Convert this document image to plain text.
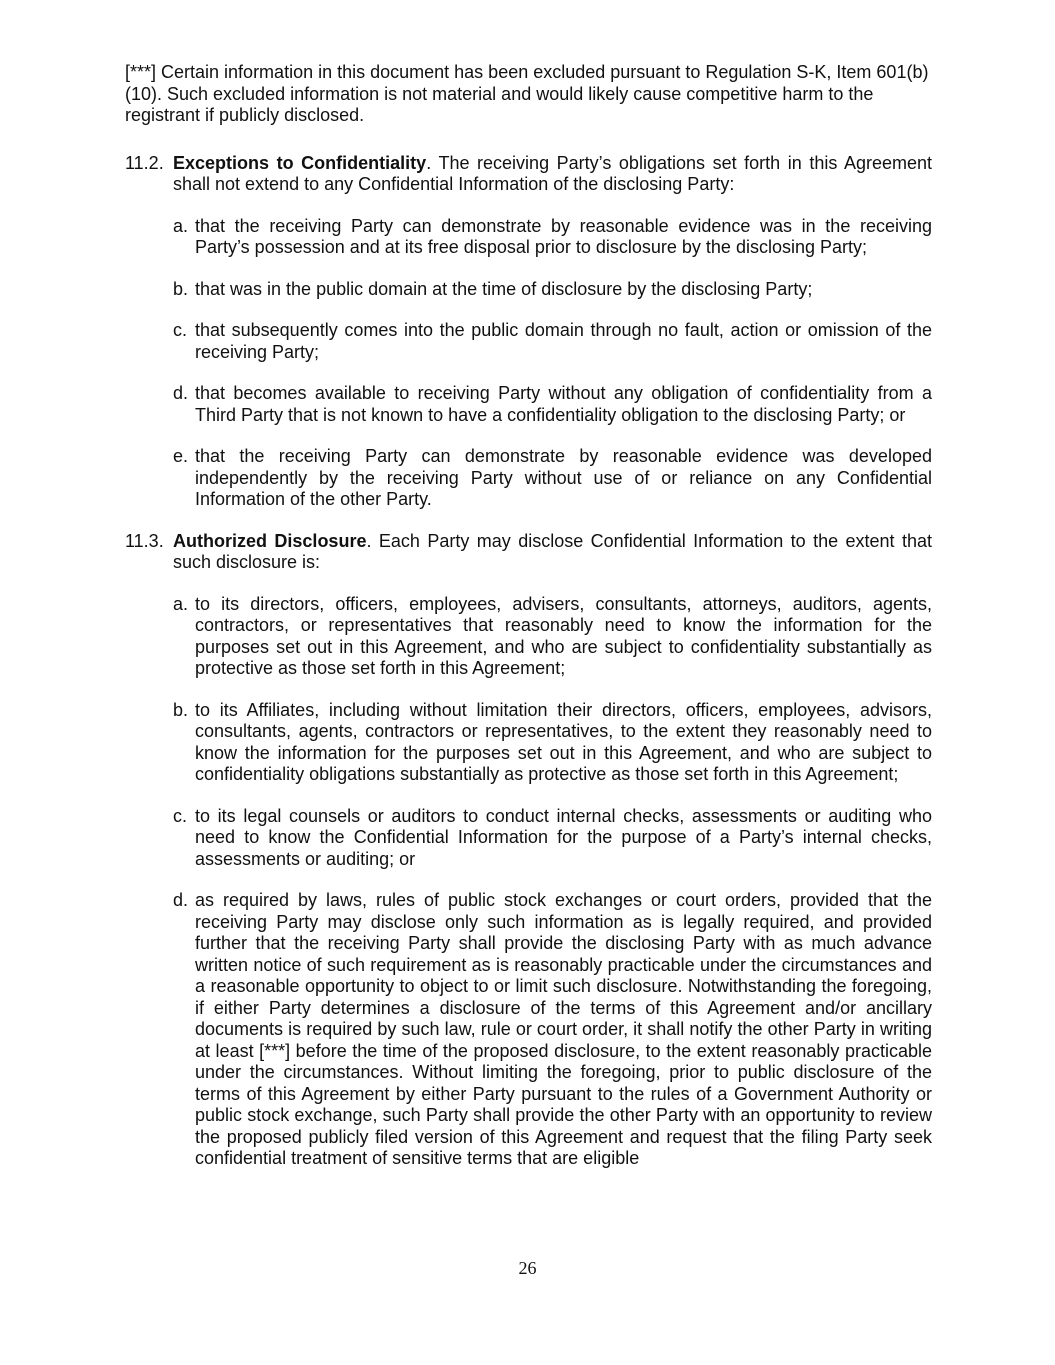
[***] Certain information in this document has been excluded pursuant to Regulation S-K, Item 601(b)(10). Such excluded information is not material and would likely cause competitive harm to the registrant if publicly disclosed.

11.2. Exceptions to Confidentiality. The receiving Party’s obligations set forth in this Agreement shall not extend to any Confidential Information of the disclosing Party:

a. that the receiving Party can demonstrate by reasonable evidence was in the receiving Party’s possession and at its free disposal prior to disclosure by the disclosing Party;
b. that was in the public domain at the time of disclosure by the disclosing Party;
c. that subsequently comes into the public domain through no fault, action or omission of the receiving Party;
d. that becomes available to receiving Party without any obligation of confidentiality from a Third Party that is not known to have a confidentiality obligation to the disclosing Party; or
e. that the receiving Party can demonstrate by reasonable evidence was developed independently by the receiving Party without use of or reliance on any Confidential Information of the other Party.
11.3. Authorized Disclosure. Each Party may disclose Confidential Information to the extent that such disclosure is:

a. to its directors, officers, employees, advisers, consultants, attorneys, auditors, agents, contractors, or representatives that reasonably need to know the information for the purposes set out in this Agreement, and who are subject to confidentiality substantially as protective as those set forth in this Agreement;
b. to its Affiliates, including without limitation their directors, officers, employees, advisors, consultants, agents, contractors or representatives, to the extent they reasonably need to know the information for the purposes set out in this Agreement, and who are subject to confidentiality obligations substantially as protective as those set forth in this Agreement;
c. to its legal counsels or auditors to conduct internal checks, assessments or auditing who need to know the Confidential Information for the purpose of a Party’s internal checks, assessments or auditing; or
d. as required by laws, rules of public stock exchanges or court orders, provided that the receiving Party may disclose only such information as is legally required, and provided further that the receiving Party shall provide the disclosing Party with as much advance written notice of such requirement as is reasonably practicable under the circumstances and a reasonable opportunity to object to or limit such disclosure. Notwithstanding the foregoing, if either Party determines a disclosure of the terms of this Agreement and/or ancillary documents is required by such law, rule or court order, it shall notify the other Party in writing at least [***] before the time of the proposed disclosure, to the extent reasonably practicable under the circumstances. Without limiting the foregoing, prior to public disclosure of the terms of this Agreement by either Party pursuant to the rules of a Government Authority or public stock exchange, such Party shall provide the other Party with an opportunity to review the proposed publicly filed version of this Agreement and request that the filing Party seek confidential treatment of sensitive terms that are eligible
26
